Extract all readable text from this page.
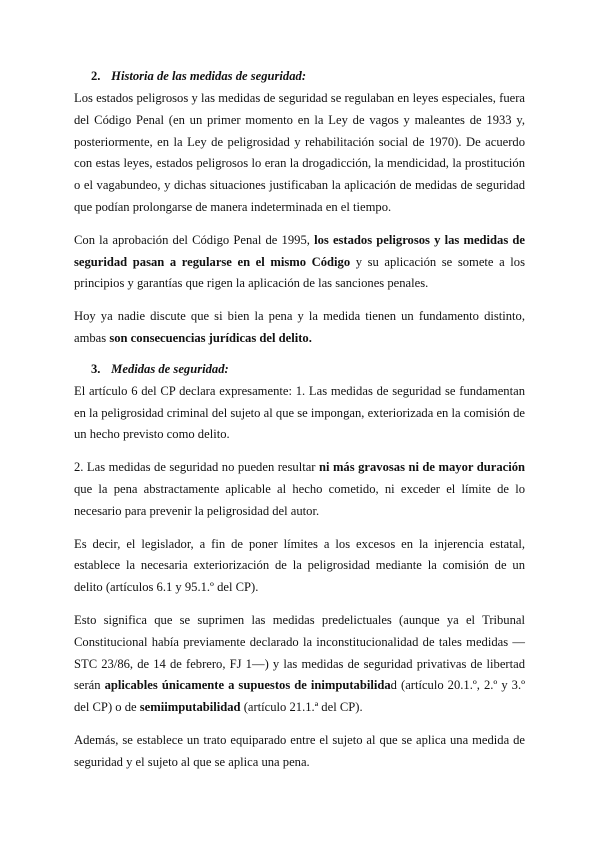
2. Historia de las medidas de seguridad:

Los estados peligrosos y las medidas de seguridad se regulaban en leyes especiales, fuera del Código Penal (en un primer momento en la Ley de vagos y maleantes de 1933 y, posteriormente, en la Ley de peligrosidad y rehabilitación social de 1970). De acuerdo con estas leyes, estados peligrosos lo eran la drogadicción, la mendicidad, la prostitución o el vagabundeo, y dichas situaciones justificaban la aplicación de medidas de seguridad que podían prolongarse de manera indeterminada en el tiempo.

Con la aprobación del Código Penal de 1995, los estados peligrosos y las medidas de seguridad pasan a regularse en el mismo Código y su aplicación se somete a los principios y garantías que rigen la aplicación de las sanciones penales.

Hoy ya nadie discute que si bien la pena y la medida tienen un fundamento distinto, ambas son consecuencias jurídicas del delito.

3. Medidas de seguridad:

El artículo 6 del CP declara expresamente: 1. Las medidas de seguridad se fundamentan en la peligrosidad criminal del sujeto al que se impongan, exteriorizada en la comisión de un hecho previsto como delito.

2. Las medidas de seguridad no pueden resultar ni más gravosas ni de mayor duración que la pena abstractamente aplicable al hecho cometido, ni exceder el límite de lo necesario para prevenir la peligrosidad del autor.

Es decir, el legislador, a fin de poner límites a los excesos en la injerencia estatal, establece la necesaria exteriorización de la peligrosidad mediante la comisión de un delito (artículos 6.1 y 95.1.º del CP).

Esto significa que se suprimen las medidas predelictuales (aunque ya el Tribunal Constitucional había previamente declarado la inconstitucionalidad de tales medidas —STC 23/86, de 14 de febrero, FJ 1—) y las medidas de seguridad privativas de libertad serán aplicables únicamente a supuestos de inimputabilidad (artículo 20.1.º, 2.º y 3.º del CP) o de semiimputabilidad (artículo 21.1.ª del CP).

Además, se establece un trato equiparado entre el sujeto al que se aplica una medida de seguridad y el sujeto al que se aplica una pena.
